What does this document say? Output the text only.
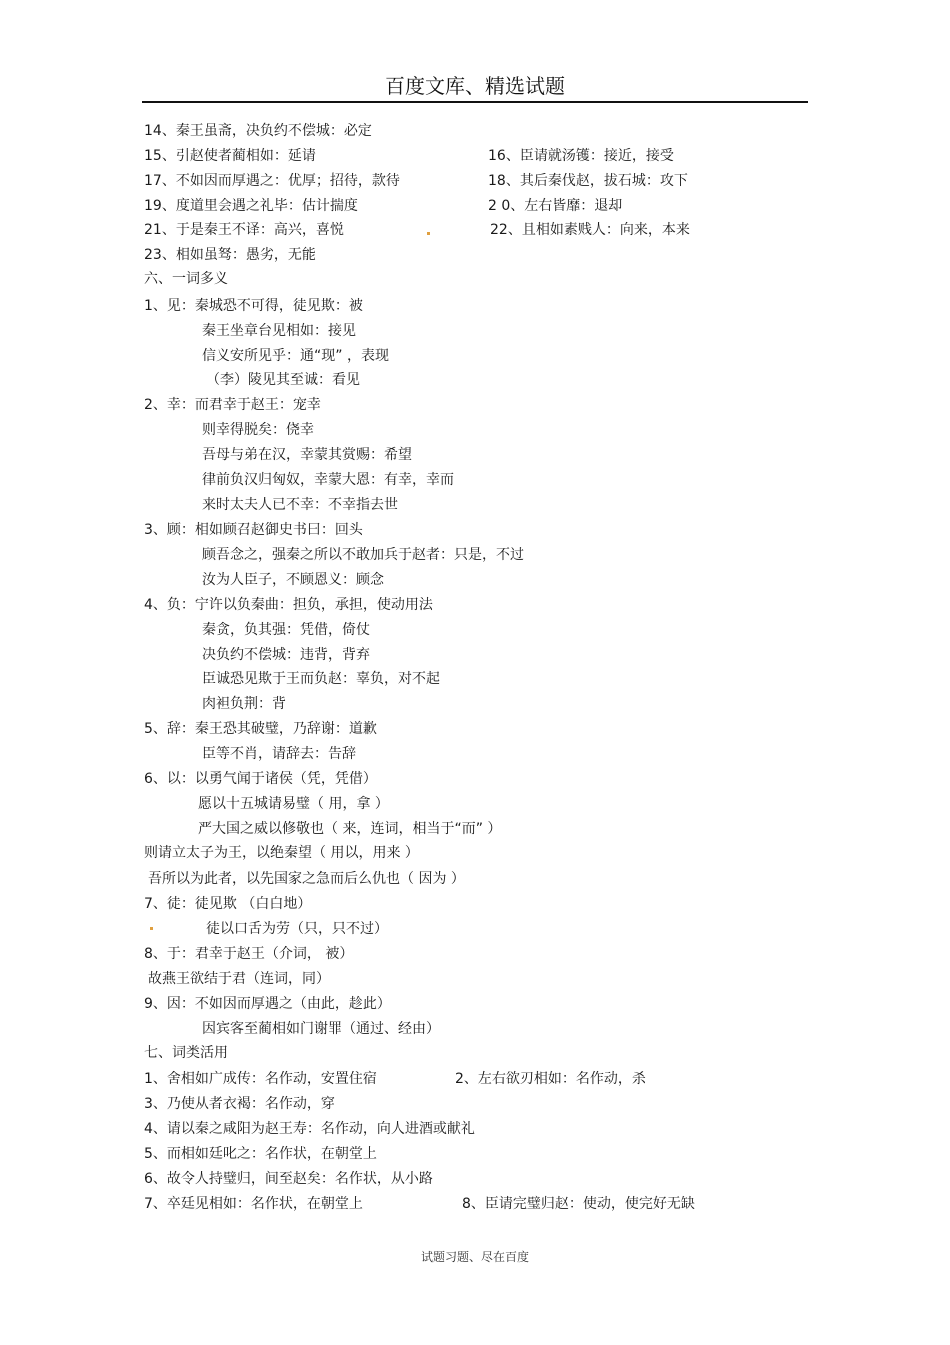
百度文库、精选试题
14、秦王虽斋，决负约不偿城：必定
15、引赵使者蔺相如：延请	16、臣请就汤镬：接近，接受
17、不如因而厚遇之：优厚；招待，款待	18、其后秦伐赵，拔石城：攻下
19、度道里会遇之礼毕：估计揣度	2 0、左右皆靡：退却
21、于是秦王不译：高兴，喜悦	22、且相如素贱人：向来，本来
23、相如虽驽：愚劣，无能
六、一词多义
1、见：秦城恐不可得，徒见欺：被
秦王坐章台见相如：接见
信义安所见乎：通“现” ，表现
（李）陵见其至诚：看见
2、幸：而君幸于赵王：宠幸
则幸得脱矣：侥幸
吾母与弟在汉，幸蒙其赏赐：希望
律前负汉归匈奴，幸蒙大恩：有幸，幸而
来时太夫人已不幸：不幸指去世
3、顾：相如顾召赵御史书曰：回头
顾吾念之，强秦之所以不敢加兵于赵者：只是，不过
汝为人臣子，不顾恩义：顾念
4、负：宁许以负秦曲：担负，承担，使动用法
秦贪，负其强：凭借，倚仗
决负约不偿城：违背，背弃
臣诚恐见欺于王而负赵：辜负，对不起
肉袒负荆：背
5、辞：秦王恐其破璧，乃辞谢：道歉
臣等不肖，请辞去：告辞
6、以：以勇气闻于诸侯（凭，凭借）
愿以十五城请易璧（ 用，拿 ）
严大国之威以修敬也（ 来，连词，相当于“而” ）
则请立太子为王，以绝秦望（ 用以，用来 ）
吾所以为此者，以先国家之急而后么仇也（ 因为 ）
7、徒：徒见欺 （白白地）
徒以口舌为劳（只，只不过）
8、于：君幸于赵王（介词， 被）
故燕王欲结于君（连词，同）
9、因：不如因而厚遇之（由此，趁此）
因宾客至蔺相如门谢罪（通过、经由）
七、词类活用
1、舍相如广成传：名作动，安置住宿	2、左右欲刃相如：名作动，杀
3、乃使从者衣褐：名作动，穿
4、请以秦之咸阳为赵王寿：名作动，向人进酒或献礼
5、而相如廷叱之：名作状，在朝堂上
6、故令人持璧归，间至赵矣：名作状，从小路
7、卒廷见相如：名作状，在朝堂上	8、臣请完璧归赵：使动，使完好无缺
试题习题、尽在百度
